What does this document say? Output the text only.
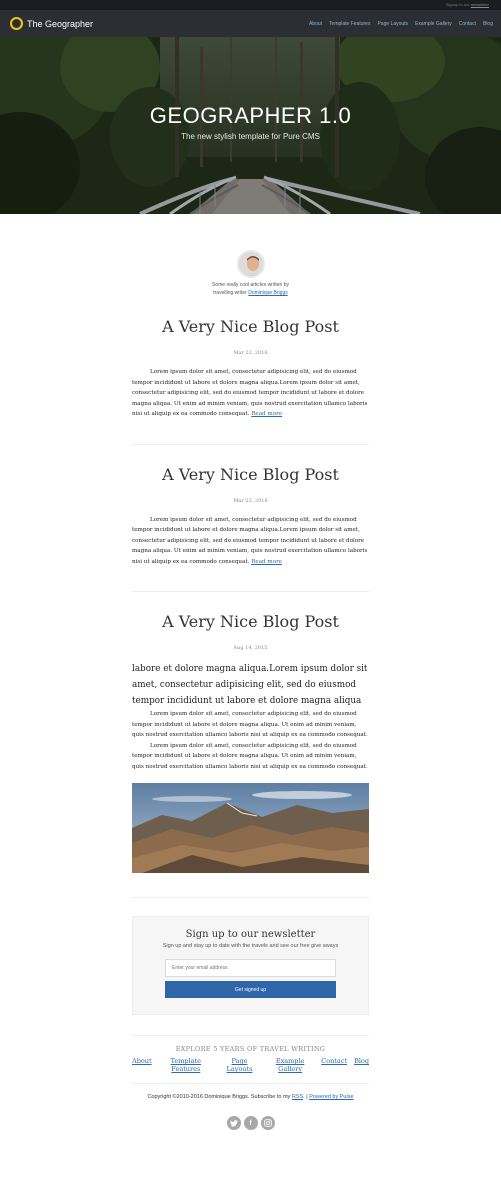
Signup to our newsletter
The Geographer	About Template Features Page Layouts Example Gallery Contact Blog
GEOGRAPHER 1.0
The new stylish template for Pure CMS
Some really cool articles written by
travelling writer Dominique Briggs
A Very Nice Blog Post
Mar 22, 2016

Lorem ipsum dolor sit amet, consectetur adipisicing elit, sed do eiusmod tempor incididunt ut labore et dolore magna aliqua.Lorem ipsum dolor sit amet, consectetur adipisicing elit, sed do eiusmod tempor incididunt ut labore et dolore magna aliqua. Ut enim ad minim veniam, quis nostrud exercitation ullamco laboris nisi ut aliquip ex ea commodo consequat. Read more

A Very Nice Blog Post
Mar 22, 2016

Lorem ipsum dolor sit amet, consectetur adipisicing elit, sed do eiusmod tempor incididunt ut labore et dolore magna aliqua.Lorem ipsum dolor sit amet, consectetur adipisicing elit, sed do eiusmod tempor incididunt ut labore et dolore magna aliqua. Ut enim ad minim veniam, quis nostrud exercitation ullamco laboris nisi ut aliquip ex ea commodo consequat. Read more

A Very Nice Blog Post
Aug 14, 2015

labore et dolore magna aliqua.Lorem ipsum dolor sit amet, consectetur adipisicing elit, sed do eiusmod tempor incididunt ut labore et dolore magna aliqua

Lorem ipsum dolor sit amet, consectetur adipisicing elit, sed do eiusmod tempor incididunt ut labore et dolore magna aliqua. Ut enim ad minim veniam, quis nostrud exercitation ullamco laboris nisi ut aliquip ex ea commodo consequat.

Lorem ipsum dolor sit amet, consectetur adipisicing elit, sed do eiusmod tempor incididunt ut labore et dolore magna aliqua. Ut enim ad minim veniam, quis nostrud exercitation ullamco laboris nisi ut aliquip ex ea commodo consequat.

Sign up to our newsletter
Sign up and stay up to date with the travels and see our free give aways
Enter your email address
Get signed up
EXPLORE 5 YEARS OF TRAVEL WRITING
About	Template Features
Page Layouts
Example Gallery
Contact Blog
Copyright ©2010-2016 Dominique Briggs. Subscribe to my RSS. | Powered by Pulse
f
